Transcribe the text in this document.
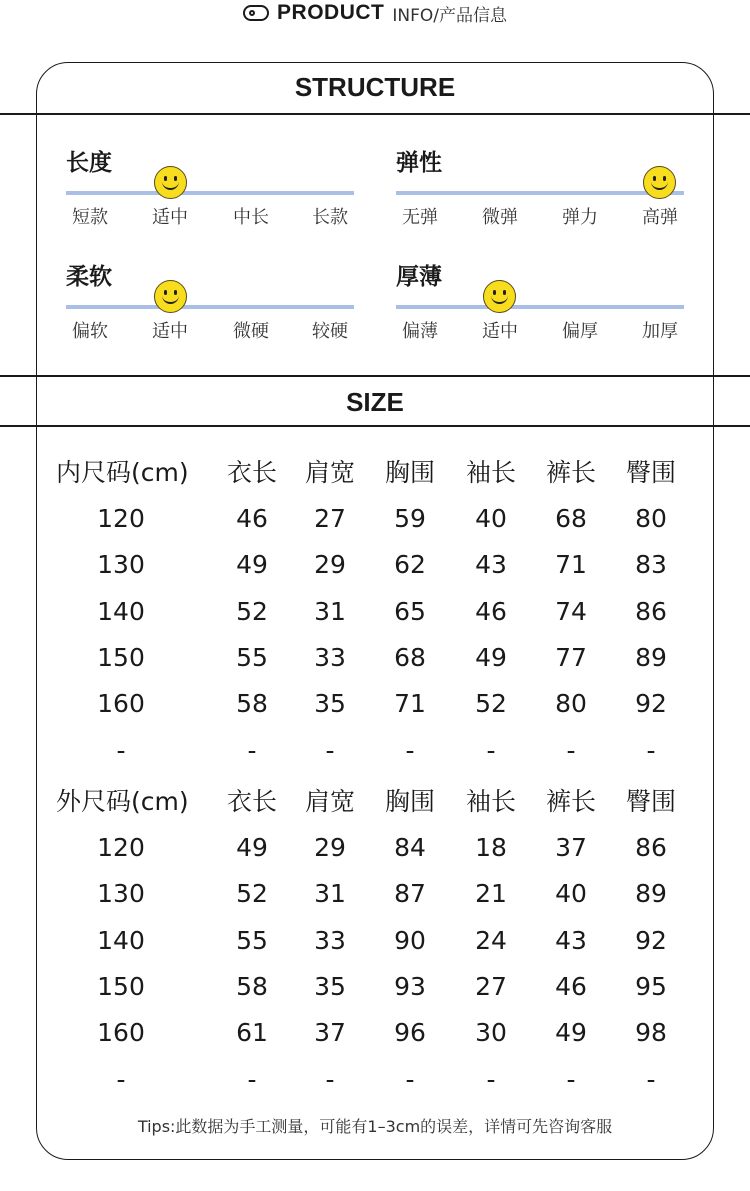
PRODUCT INFO/产品信息
STRUCTURE
SIZE
长度
短款	适中	中长	长款
弹性
无弹	微弹	弹力	高弹
柔软
偏软	适中	微硬	较硬
厚薄
偏薄	适中	偏厚	加厚
内尺码(cm) 衣长 肩宽 胸围 袖长 裤长 臀围
120	46	27	59	40	68	80
130	49	29	62	43	71	83
140	52	31	65	46	74	86
150	55	33	68	49	77	89
160	58	35	71	52	80	92
-	-	-	-	-	-	-
外尺码(cm) 衣长 肩宽 胸围 袖长 裤长 臀围
120	49	29	84	18	37	86
130	52	31	87	21	40	89
140	55	33	90	24	43	92
150	58	35	93	27	46	95
160	61	37	96	30	49	98
-	-	-	-	-	-	-
Tips:此数据为手工测量，可能有1–3cm的误差，详情可先咨询客服
